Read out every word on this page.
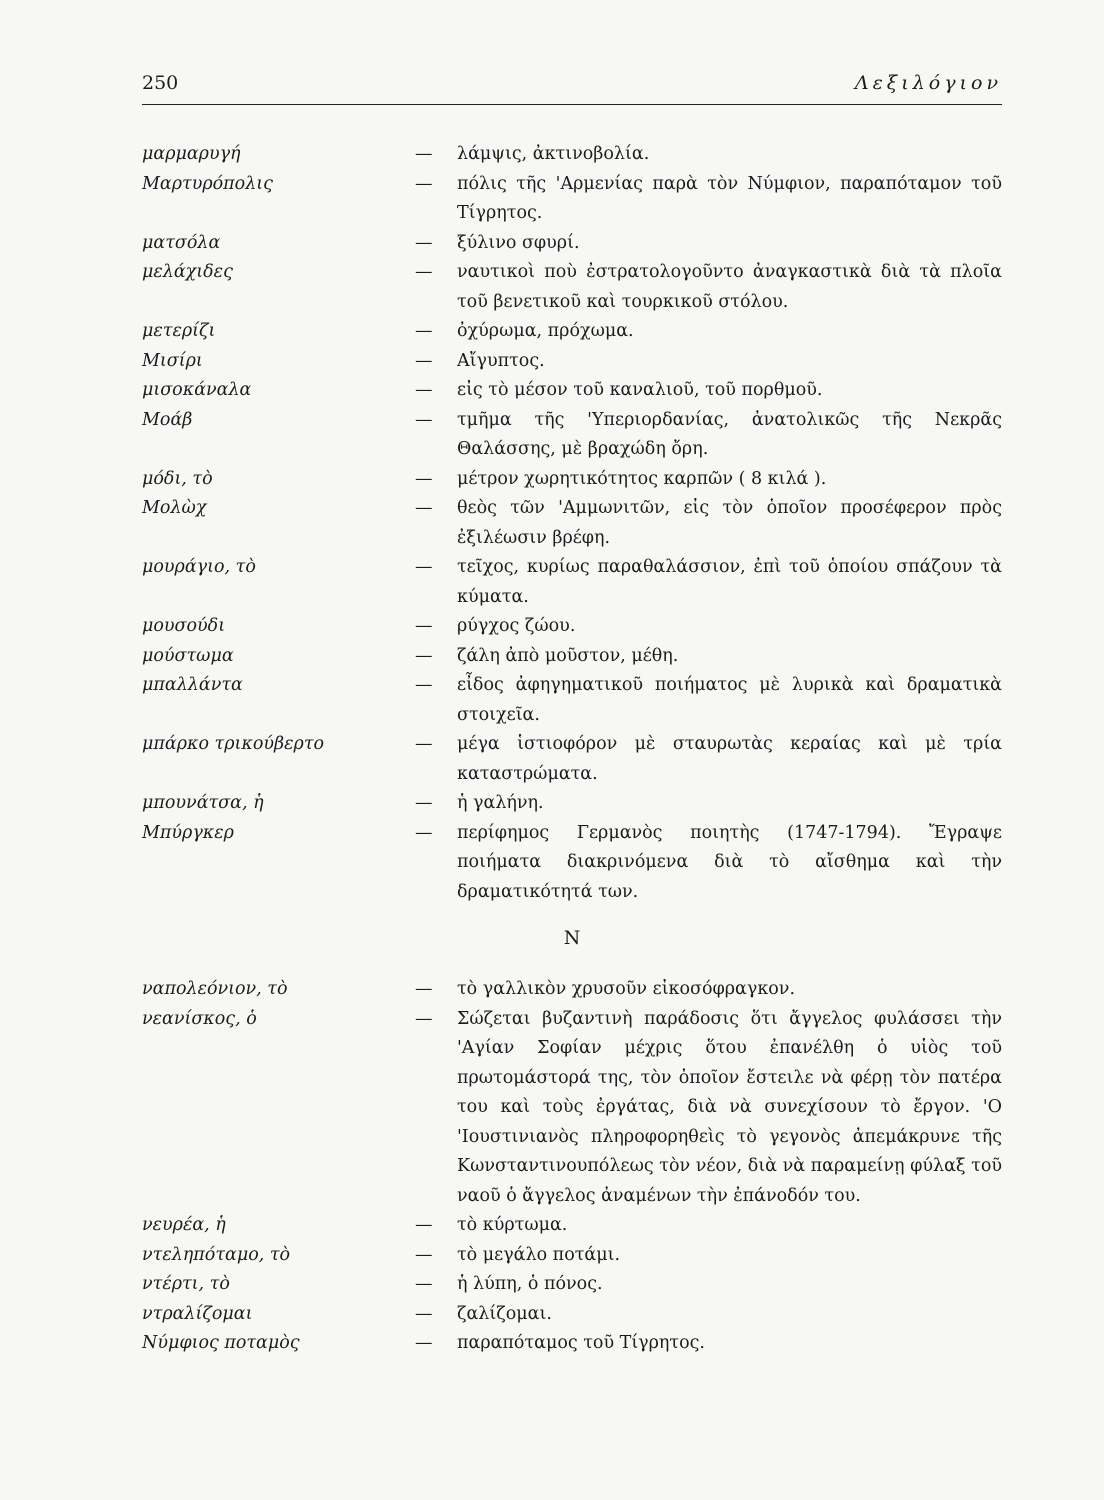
250	Λεξιλόγιον
μαρμαρυγή	—	λάμψις, ἀκτινοβολία.
Μαρτυρόπολις	—	πόλις τῆς 'Αρμενίας παρὰ τὸν Νύμφιον, παραπόταμον τοῦ Τίγρητος.
ματσόλα	—	ξύλινο σφυρί.
μελάχιδες	—	ναυτικοὶ ποὺ ἐστρατολογοῦντο ἀναγκαστικὰ διὰ τὰ πλοῖα τοῦ βενετικοῦ καὶ τουρκικοῦ στόλου.
μετερίζι	—	ὀχύρωμα, πρόχωμα.
Μισίρι	—	Αἴγυπτος.
μισοκάναλα	—	εἰς τὸ μέσον τοῦ καναλιοῦ, τοῦ πορθμοῦ.
Μοάβ	—	τμῆμα τῆς 'Υπεριορδανίας, ἀνατολικῶς τῆς Νεκρᾶς Θαλάσσης, μὲ βραχώδη ὄρη.
μόδι, τὸ	—	μέτρον χωρητικότητος καρπῶν ( 8 κιλά ).
Μολὼχ	—	θεὸς τῶν 'Αμμωνιτῶν, εἰς τὸν ὁποῖον προσέφερον πρὸς ἐξιλέωσιν βρέφη.
μουράγιο, τὸ	—	τεῖχος, κυρίως παραθαλάσσιον, ἐπὶ τοῦ ὁποίου σπάζουν τὰ κύματα.
μουσούδι	—	ρύγχος ζώου.
μούστωμα	—	ζάλη ἀπὸ μοῦστον, μέθη.
μπαλλάντα	—	εἶδος ἀφηγηματικοῦ ποιήματος μὲ λυρικὰ καὶ δραματικὰ στοιχεῖα.
μπάρκο τρικούβερτο	—	μέγα ἱστιοφόρον μὲ σταυρωτὰς κεραίας καὶ μὲ τρία καταστρώματα.
μπουνάτσα, ἡ	—	ἡ γαλήνη.
Μπύργκερ	—	περίφημος Γερμανὸς ποιητὴς (1747-1794). Ἔγραψε ποιήματα διακρινόμενα διὰ τὸ αἴσθημα καὶ τὴν δραματικότητά των.
Ν
ναπολεόνιον, τὸ	—	τὸ γαλλικὸν χρυσοῦν εἰκοσόφραγκον.
νεανίσκος, ὁ	—	Σώζεται βυζαντινὴ παράδοσις ὅτι ἄγγελος φυλάσσει τὴν 'Αγίαν Σοφίαν μέχρις ὅτου ἐπανέλθη ὁ υἱὸς τοῦ πρωτομάστορά της, τὸν ὁποῖον ἔστειλε νὰ φέρῃ τὸν πατέρα του καὶ τοὺς ἐργάτας, διὰ νὰ συνεχίσουν τὸ ἔργον. 'Ο 'Ιουστινιανὸς πληροφορηθεὶς τὸ γεγονὸς ἀπεμάκρυνε τῆς Κωνσταντινουπόλεως τὸν νέον, διὰ νὰ παραμείνῃ φύλαξ τοῦ ναοῦ ὁ ἄγγελος ἀναμένων τὴν ἐπάνοδόν του.
νευρέα, ἡ	—	τὸ κύρτωμα.
ντεληπόταμο, τὸ	—	τὸ μεγάλο ποτάμι.
ντέρτι, τὸ	—	ἡ λύπη, ὁ πόνος.
ντραλίζομαι	—	ζαλίζομαι.
Νύμφιος ποταμὸς	—	παραπόταμος τοῦ Τίγρητος.
